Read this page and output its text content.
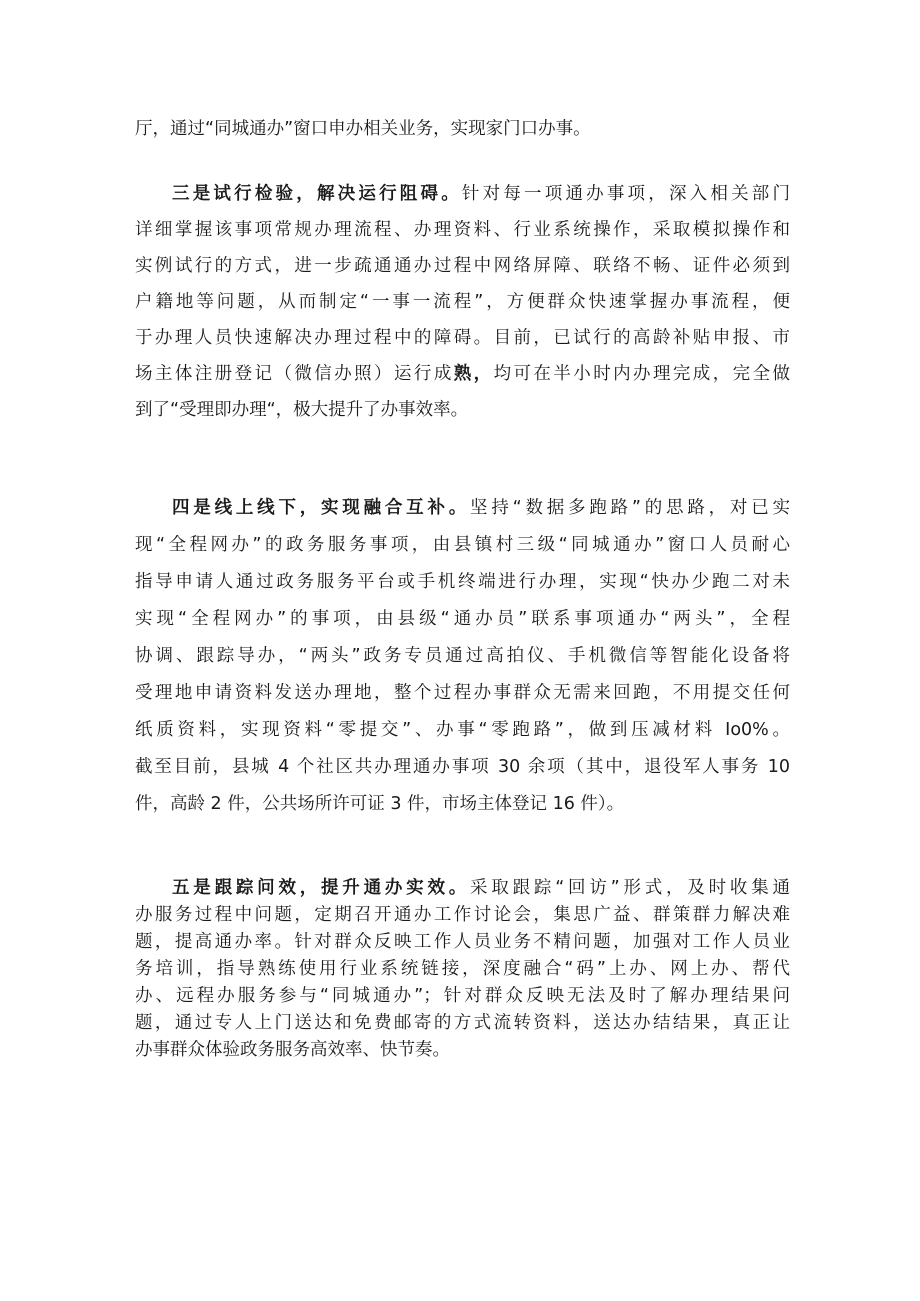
厅，通过“同城通办”窗口申办相关业务，实现家门口办事。

三是试行检验，解决运行阻碍。针对每一项通办事项，深入相关部门

详细掌握该事项常规办理流程、办理资料、行业系统操作，采取模拟操作和

实例试行的方式，进一步疏通通办过程中网络屏障、联络不畅、证件必须到

户籍地等问题，从而制定“一事一流程”，方便群众快速掌握办事流程，便

于办理人员快速解决办理过程中的障碍。目前，已试行的高龄补贴申报、市

场主体注册登记（微信办照）运行成熟，均可在半小时内办理完成，完全做

到了“受理即办理“，极大提升了办事效率。

四是线上线下，实现融合互补。坚持“数据多跑路”的思路，对已实

现“全程网办”的政务服务事项，由县镇村三级“同城通办”窗口人员耐心

指导申请人通过政务服务平台或手机终端进行办理，实现“快办少跑二对未

实现“全程网办”的事项，由县级“通办员”联系事项通办“两头”，全程

协调、跟踪导办，“两头”政务专员通过高拍仪、手机微信等智能化设备将

受理地申请资料发送办理地，整个过程办事群众无需来回跑，不用提交任何

纸质资料，实现资料“零提交”、办事“零跑路”，做到压减材料 Io0%。

截至目前，县城 4 个社区共办理通办事项 30 余项（其中，退役军人事务 10

件，高龄 2 件，公共场所许可证 3 件，市场主体登记 16 件）。

五是跟踪问效，提升通办实效。采取跟踪“回访”形式，及时收集通

办服务过程中问题，定期召开通办工作讨论会，集思广益、群策群力解决难

题，提高通办率。针对群众反映工作人员业务不精问题，加强对工作人员业

务培训，指导熟练使用行业系统链接，深度融合“码”上办、网上办、帮代

办、远程办服务参与“同城通办”；针对群众反映无法及时了解办理结果问

题，通过专人上门送达和免费邮寄的方式流转资料，送达办结结果，真正让

办事群众体验政务服务高效率、快节奏。
